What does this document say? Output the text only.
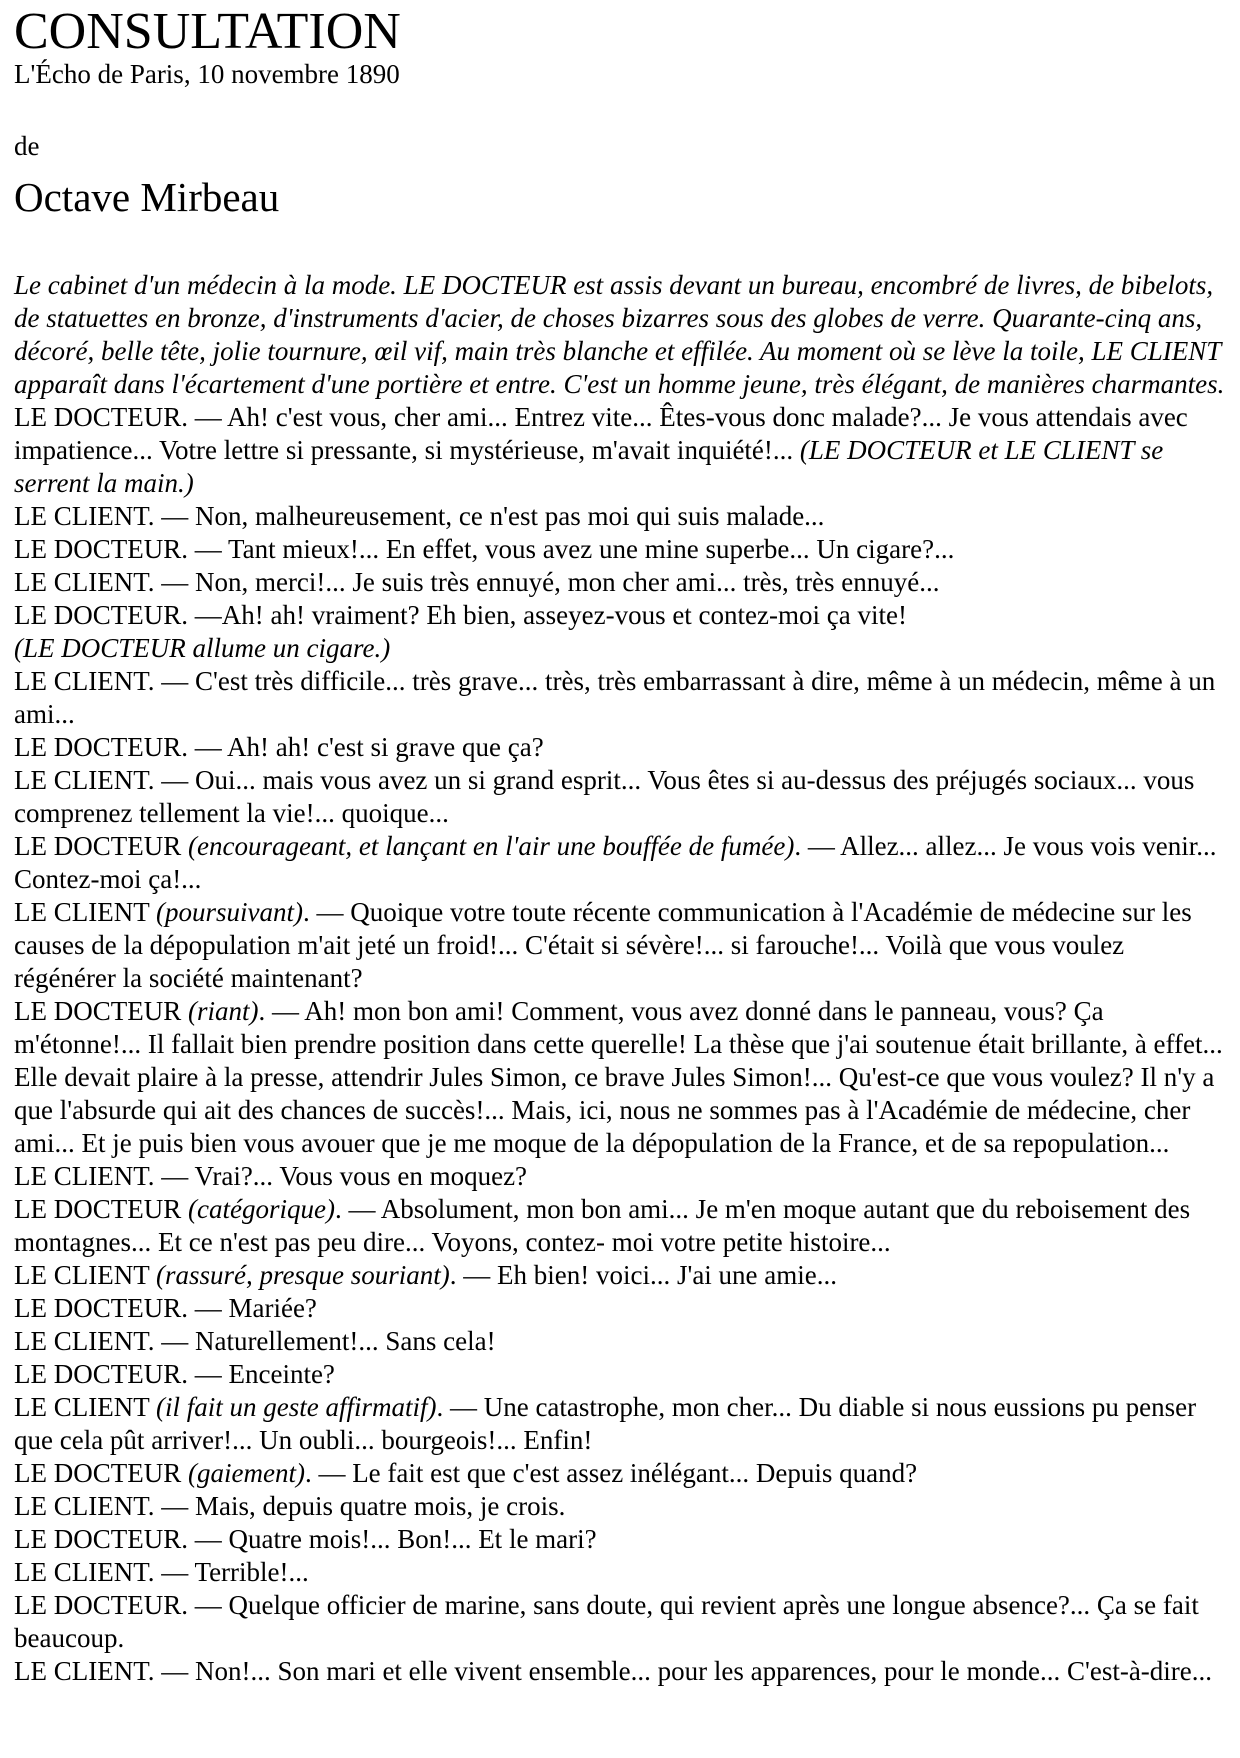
CONSULTATION

L'Écho de Paris, 10 novembre 1890

de

Octave Mirbeau

Le cabinet d'un médecin à la mode. LE DOCTEUR est assis devant un bureau, encombré de livres, de bibelots, de statuettes en bronze, d'instruments d'acier, de choses bizarres sous des globes de verre. Quarante-cinq ans, décoré, belle tête, jolie tournure, œil vif, main très blanche et effilée. Au moment où se lève la toile, LE CLIENT apparaît dans l'écartement d'une portière et entre. C'est un homme jeune, très élégant, de manières charmantes.

LE DOCTEUR. — Ah! c'est vous, cher ami... Entrez vite... Êtes-vous donc malade?... Je vous attendais avec impatience... Votre lettre si pressante, si mystérieuse, m'avait inquiété!... (LE DOCTEUR et LE CLIENT se serrent la main.)

LE CLIENT. — Non, malheureusement, ce n'est pas moi qui suis malade...

LE DOCTEUR. — Tant mieux!... En effet, vous avez une mine superbe... Un cigare?...

LE CLIENT. — Non, merci!... Je suis très ennuyé, mon cher ami... très, très ennuyé...

LE DOCTEUR. —Ah! ah! vraiment? Eh bien, asseyez-vous et contez-moi ça vite!

(LE DOCTEUR allume un cigare.)

LE CLIENT. — C'est très difficile... très grave... très, très embarrassant à dire, même à un médecin, même à un ami...

LE DOCTEUR. — Ah! ah! c'est si grave que ça?

LE CLIENT. — Oui... mais vous avez un si grand esprit... Vous êtes si au-dessus des préjugés sociaux... vous comprenez tellement la vie!... quoique...

LE DOCTEUR (encourageant, et lançant en l'air une bouffée de fumée). — Allez... allez... Je vous vois venir... Contez-moi ça!...

LE CLIENT (poursuivant). — Quoique votre toute récente communication à l'Académie de médecine sur les causes de la dépopulation m'ait jeté un froid!... C'était si sévère!... si farouche!... Voilà que vous voulez régénérer la société maintenant?

LE DOCTEUR (riant). — Ah! mon bon ami! Comment, vous avez donné dans le panneau, vous? Ça m'étonne!... Il fallait bien prendre position dans cette querelle! La thèse que j'ai soutenue était brillante, à effet... Elle devait plaire à la presse, attendrir Jules Simon, ce brave Jules Simon!... Qu'est-ce que vous voulez? Il n'y a que l'absurde qui ait des chances de succès!... Mais, ici, nous ne sommes pas à l'Académie de médecine, cher ami... Et je puis bien vous avouer que je me moque de la dépopulation de la France, et de sa repopulation...

LE CLIENT. — Vrai?... Vous vous en moquez?

LE DOCTEUR (catégorique). — Absolument, mon bon ami... Je m'en moque autant que du reboisement des montagnes... Et ce n'est pas peu dire... Voyons, contez- moi votre petite histoire...

LE CLIENT (rassuré, presque souriant). — Eh bien! voici... J'ai une amie...

LE DOCTEUR. — Mariée?

LE CLIENT. — Naturellement!... Sans cela!

LE DOCTEUR. — Enceinte?

LE CLIENT (il fait un geste affirmatif). — Une catastrophe, mon cher... Du diable si nous eussions pu penser que cela pût arriver!... Un oubli... bourgeois!... Enfin!

LE DOCTEUR (gaiement). — Le fait est que c'est assez inélégant... Depuis quand?

LE CLIENT. — Mais, depuis quatre mois, je crois.

LE DOCTEUR. — Quatre mois!... Bon!... Et le mari?

LE CLIENT. — Terrible!...

LE DOCTEUR. — Quelque officier de marine, sans doute, qui revient après une longue absence?... Ça se fait beaucoup.

LE CLIENT. — Non!... Son mari et elle vivent ensemble... pour les apparences, pour le monde... C'est-à-dire...
